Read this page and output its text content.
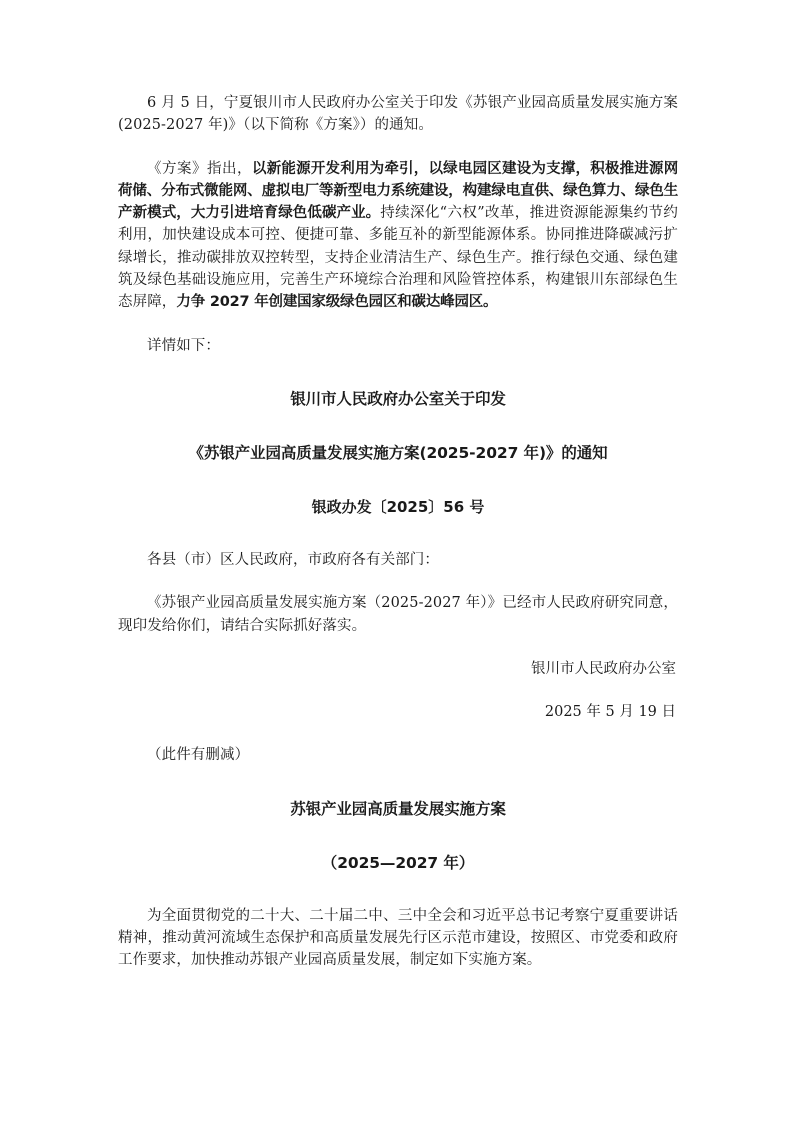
6 月 5 日，宁夏银川市人民政府办公室关于印发《苏银产业园高质量发展实施方案(2025-2027 年)》（以下简称《方案》）的通知。

《方案》指出，以新能源开发利用为牵引，以绿电园区建设为支撑，积极推进源网荷储、分布式微能网、虚拟电厂等新型电力系统建设，构建绿电直供、绿色算力、绿色生产新模式，大力引进培育绿色低碳产业。持续深化“六权”改革，推进资源能源集约节约利用，加快建设成本可控、便捷可靠、多能互补的新型能源体系。协同推进降碳减污扩绿增长，推动碳排放双控转型，支持企业清洁生产、绿色生产。推行绿色交通、绿色建筑及绿色基础设施应用，完善生产环境综合治理和风险管控体系，构建银川东部绿色生态屏障，力争 2027 年创建国家级绿色园区和碳达峰园区。

详情如下：

银川市人民政府办公室关于印发

《苏银产业园高质量发展实施方案(2025-2027 年)》的通知

银政办发〔2025〕56 号

各县（市）区人民政府，市政府各有关部门：

《苏银产业园高质量发展实施方案（2025-2027 年）》已经市人民政府研究同意，现印发给你们，请结合实际抓好落实。

银川市人民政府办公室

2025 年 5 月 19 日

（此件有删减）

苏银产业园高质量发展实施方案

（2025—2027 年）

为全面贯彻党的二十大、二十届二中、三中全会和习近平总书记考察宁夏重要讲话精神，推动黄河流域生态保护和高质量发展先行区示范市建设，按照区、市党委和政府工作要求，加快推动苏银产业园高质量发展，制定如下实施方案。
